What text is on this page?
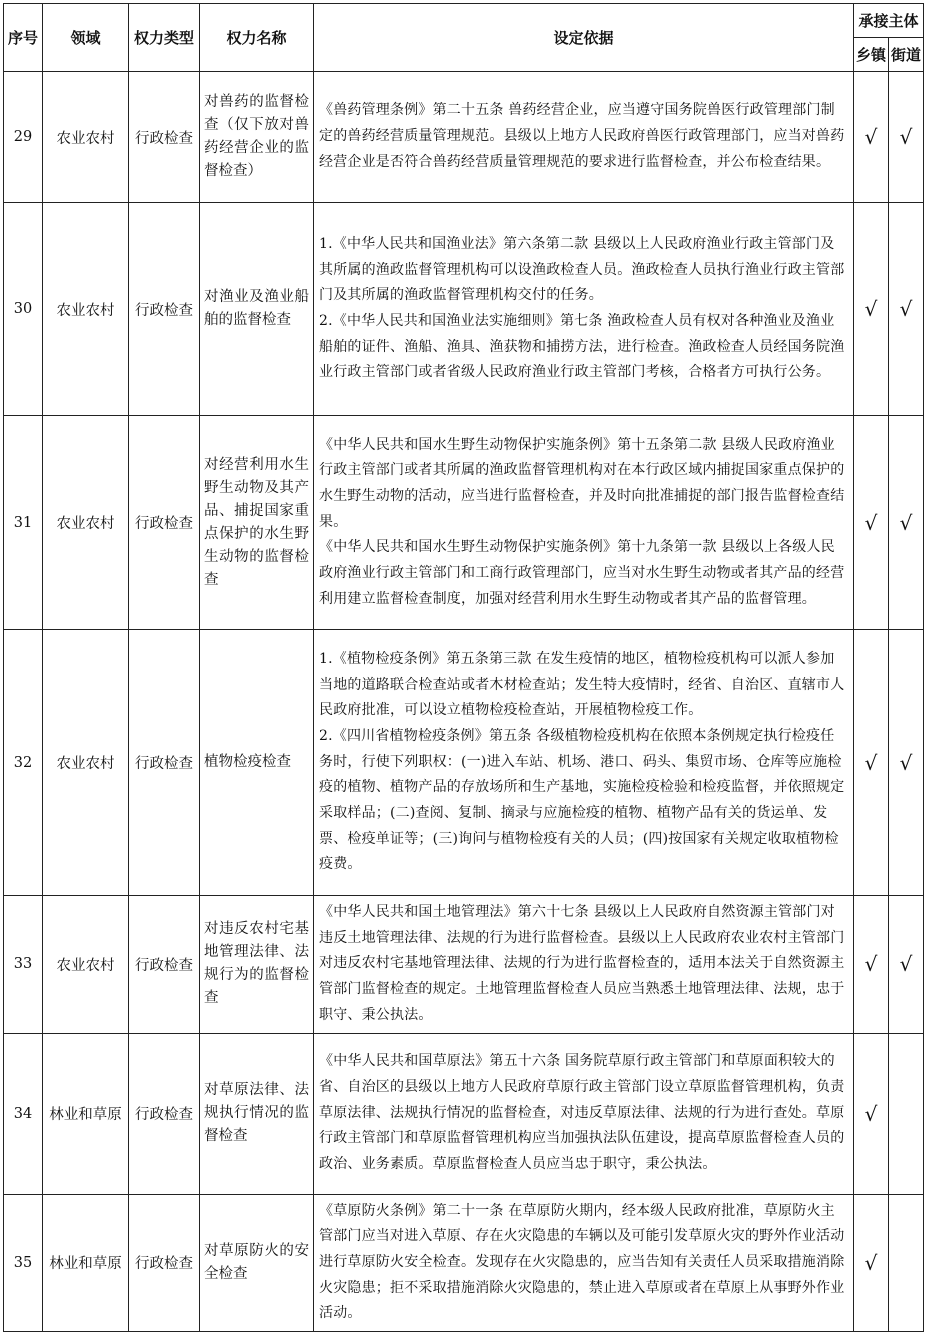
序号	领域	权力类型	权力名称	设定依据	承接主体	
					乡镇	街道
29	农业农村	行政检查	对兽药的监督检查（仅下放对兽药经营企业的监督检查）	《兽药管理条例》第二十五条 兽药经营企业，应当遵守国务院兽医行政管理部门制定的兽药经营质量管理规范。县级以上地方人民政府兽医行政管理部门，应当对兽药经营企业是否符合兽药经营质量管理规范的要求进行监督检查，并公布检查结果。	√	√
30	农业农村	行政检查	对渔业及渔业船舶的监督检查	1.《中华人民共和国渔业法》第六条第二款 县级以上人民政府渔业行政主管部门及其所属的渔政监督管理机构可以设渔政检查人员。渔政检查人员执行渔业行政主管部门及其所属的渔政监督管理机构交付的任务。
2.《中华人民共和国渔业法实施细则》第七条 渔政检查人员有权对各种渔业及渔业船舶的证件、渔船、渔具、渔获物和捕捞方法，进行检查。渔政检查人员经国务院渔业行政主管部门或者省级人民政府渔业行政主管部门考核，合格者方可执行公务。	√	√
31	农业农村	行政检查	对经营利用水生野生动物及其产品、捕捉国家重点保护的水生野生动物的监督检查	《中华人民共和国水生野生动物保护实施条例》第十五条第二款 县级人民政府渔业行政主管部门或者其所属的渔政监督管理机构对在本行政区域内捕捉国家重点保护的水生野生动物的活动，应当进行监督检查，并及时向批准捕捉的部门报告监督检查结果。
《中华人民共和国水生野生动物保护实施条例》第十九条第一款 县级以上各级人民政府渔业行政主管部门和工商行政管理部门，应当对水生野生动物或者其产品的经营利用建立监督检查制度，加强对经营利用水生野生动物或者其产品的监督管理。	√	√
32	农业农村	行政检查	植物检疫检查	1.《植物检疫条例》第五条第三款 在发生疫情的地区，植物检疫机构可以派人参加当地的道路联合检查站或者木材检查站；发生特大疫情时，经省、自治区、直辖市人民政府批准，可以设立植物检疫检查站，开展植物检疫工作。
2.《四川省植物检疫条例》第五条 各级植物检疫机构在依照本条例规定执行检疫任务时，行使下列职权：(一)进入车站、机场、港口、码头、集贸市场、仓库等应施检疫的植物、植物产品的存放场所和生产基地，实施检疫检验和检疫监督，并依照规定采取样品；(二)查阅、复制、摘录与应施检疫的植物、植物产品有关的货运单、发票、检疫单证等；(三)询问与植物检疫有关的人员；(四)按国家有关规定收取植物检疫费。	√	√
33	农业农村	行政检查	对违反农村宅基地管理法律、法规行为的监督检查	《中华人民共和国土地管理法》第六十七条 县级以上人民政府自然资源主管部门对违反土地管理法律、法规的行为进行监督检查。县级以上人民政府农业农村主管部门对违反农村宅基地管理法律、法规的行为进行监督检查的，适用本法关于自然资源主管部门监督检查的规定。土地管理监督检查人员应当熟悉土地管理法律、法规，忠于职守、秉公执法。	√	√
34	林业和草原	行政检查	对草原法律、法规执行情况的监督检查	《中华人民共和国草原法》第五十六条 国务院草原行政主管部门和草原面积较大的省、自治区的县级以上地方人民政府草原行政主管部门设立草原监督管理机构，负责草原法律、法规执行情况的监督检查，对违反草原法律、法规的行为进行查处。草原行政主管部门和草原监督管理机构应当加强执法队伍建设，提高草原监督检查人员的政治、业务素质。草原监督检查人员应当忠于职守，秉公执法。	√	
35	林业和草原	行政检查	对草原防火的安全检查	《草原防火条例》第二十一条 在草原防火期内，经本级人民政府批准，草原防火主管部门应当对进入草原、存在火灾隐患的车辆以及可能引发草原火灾的野外作业活动进行草原防火安全检查。发现存在火灾隐患的，应当告知有关责任人员采取措施消除火灾隐患；拒不采取措施消除火灾隐患的，禁止进入草原或者在草原上从事野外作业活动。	√	
